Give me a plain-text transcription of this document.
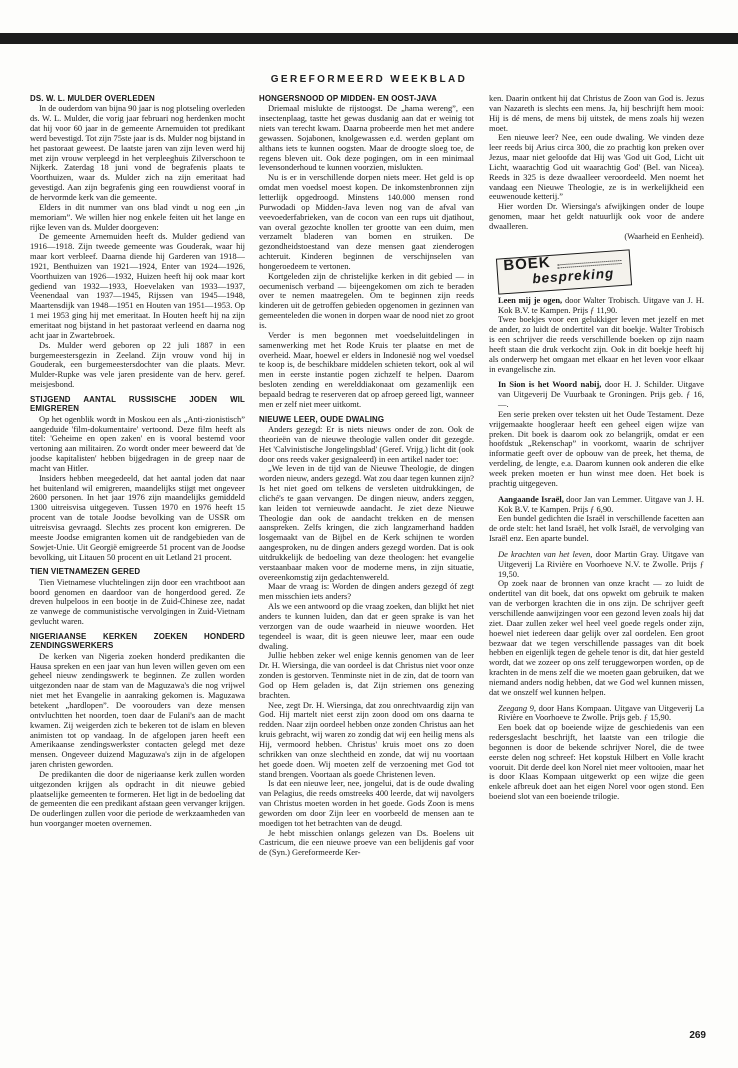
GEREFORMEERD WEEKBLAD
DS. W. L. MULDER OVERLEDEN

In de ouderdom van bijna 90 jaar is nog plotseling overleden ds. W. L. Mulder, die vorig jaar februari nog herdenken mocht dat hij voor 60 jaar in de gemeente Arnemuiden tot predikant werd bevestigd. Tot zijn 75ste jaar is ds. Mulder nog bijstand in het pastoraat geweest. De laatste jaren van zijn leven werd hij met zijn vrouw verpleegd in het verpleeghuis Zilverschoon te Nijkerk. Zaterdag 18 juni vond de begrafenis plaats te Voorthuizen, waar ds. Mulder zich na zijn emeritaat had gevestigd. Aan zijn begrafenis ging een rouwdienst vooraf in de hervormde kerk van die gemeente.

Elders in dit nummer van ons blad vindt u nog een „in memoriam”. We willen hier nog enkele feiten uit het lange en rijke leven van ds. Mulder doorgeven:

De gemeente Arnemuiden heeft ds. Mulder gediend van 1916—1918. Zijn tweede gemeente was Gouderak, waar hij maar kort verbleef. Daarna diende hij Garderen van 1918—1921, Benthuizen van 1921—1924, Enter van 1924—1926, Voorthuizen van 1926—1932, Huizen heeft hij ook maar kort gediend van 1932—1933, Hoevelaken van 1933—1937, Veenendaal van 1937—1945, Rijssen van 1945—1948, Maartensdijk van 1948—1951 en Houten van 1951—1953. Op 1 mei 1953 ging hij met emeritaat. In Houten heeft hij na zijn emeritaat nog bijstand in het pastoraat verleend en daarna nog acht jaar in Zwartebroek.

Ds. Mulder werd geboren op 22 juli 1887 in een burgemeestersgezin in Zeeland. Zijn vrouw vond hij in Gouderak, een burgemeestersdochter van die plaats. Mevr. Mulder-Rupke was vele jaren presidente van de herv. geref. meisjesbond.

STIJGEND AANTAL RUSSISCHE JODEN WIL EMIGREREN

Op het ogenblik wordt in Moskou een als „Anti-zionistisch” aangeduide 'film-dokumentaire' vertoond. Deze film heeft als titel: 'Geheime en open zaken' en is vooral bestemd voor vertoning aan militairen. Zo wordt onder meer beweerd dat 'de joodse kapitalisten' hebben bijgedragen in de greep naar de macht van Hitler.

Insiders hebben meegedeeld, dat het aantal joden dat naar het buitenland wil emigreren, maandelijks stijgt met ongeveer 2600 personen. In het jaar 1976 zijn maandelijks gemiddeld 1300 uitreisvisa uitgegeven. Tussen 1970 en 1976 heeft 15 procent van de totale Joodse bevolking van de USSR om uitreisvisa gevraagd. Slechts zes procent kon emigreren. De meeste Joodse emigranten komen uit de randgebieden van de Sowjet-Unie. Uit Georgië emigreerde 51 procent van de Joodse bevolking, uit Litauen 50 procent en uit Letland 21 procent.

TIEN VIETNAMEZEN GERED

Tien Vietnamese vluchtelingen zijn door een vrachtboot aan boord genomen en daardoor van de hongerdood gered. Ze dreven hulpeloos in een bootje in de Zuid-Chinese zee, nadat ze vanwege de communistische vervolgingen in Zuid-Vietnam gevlucht waren.

NIGERIAANSE KERKEN ZOEKEN HONDERD ZENDINGSWERKERS

De kerken van Nigeria zoeken honderd predikanten die Hausa spreken en een jaar van hun leven willen geven om een geheel nieuw zendingswerk te beginnen. Ze zullen worden uitgezonden naar de stam van de Maguzawa's die nog vrijwel niet met het Evangelie in aanraking gekomen is. Maguzawa betekent „hardlopen”. De voorouders van deze mensen ontvluchtten het noorden, toen daar de Fulani's aan de macht kwamen. Zij weigerden zich te bekeren tot de islam en bleven animisten tot op vandaag. In de afgelopen jaren heeft een Amerikaanse zendingswerkster contacten gelegd met deze mensen. Ongeveer duizend Maguzawa's zijn in de afgelopen jaren christen geworden.

De predikanten die door de nigeriaanse kerk zullen worden uitgezonden krijgen als opdracht in dit nieuwe gebied plaatselijke gemeenten te formeren. Het ligt in de bedoeling dat de gemeenten die een predikant afstaan geen vervanger krijgen. De ouderlingen zullen voor die periode de werkzaamheden van hun voorganger moeten overnemen.

HONGERSNOOD OP MIDDEN- EN OOST-JAVA

Driemaal mislukte de rijstoogst. De „hama wereng”, een insectenplaag, tastte het gewas dusdanig aan dat er weinig tot niets van terecht kwam. Daarna probeerde men het met andere gewassen. Sojabonen, knolgewassen e.d. werden geplant om althans iets te kunnen oogsten. Maar de droogte sloeg toe, de regens bleven uit. Ook deze pogingen, om in een minimaal levensonderhoud te kunnen voorzien, mislukten.

Nu is er in verschillende dorpen niets meer. Het geld is op omdat men voedsel moest kopen. De inkomstenbronnen zijn letterlijk opgedroogd. Minstens 140.000 mensen rond Purwodadi op Midden-Java leven nog van de afval van veevoederfabrieken, van de cocon van een rups uit djatihout, van overal gezochte knollen ter grootte van een duim, men verzamelt bladeren van bomen en struiken. De gezondheidstoestand van deze mensen gaat zienderogen achteruit. Kinderen beginnen de verschijnselen van hongeroedeem te vertonen.

Kortgeleden zijn de christelijke kerken in dit gebied — in oecumenisch verband — bijeengekomen om zich te beraden over te nemen maatregelen. Om te beginnen zijn reeds kinderen uit de getroffen gebieden opgenomen in gezinnen van gemeenteleden die wonen in dorpen waar de nood niet zo groot is.

Verder is men begonnen met voedseluitdelingen in samenwerking met het Rode Kruis ter plaatse en met de overheid. Maar, hoewel er elders in Indonesië nog wel voedsel te koop is, de beschikbare middelen schieten tekort, ook al wil men in eerste instantie pogen zichzelf te helpen. Daarom besloten zending en werelddiakonaat om gezamenlijk een bepaald bedrag te reserveren dat op afroep gereed ligt, wanneer men er zelf niet meer uitkomt.

NIEUWE LEER, OUDE DWALING

Anders gezegd: Er is niets nieuws onder de zon. Ook de theorieën van de nieuwe theologie vallen onder dit gezegde. Het 'Calvinistische Jongelingsblad' (Geref. Vrijg.) licht dit (ook door ons reeds vaker gesignaleerd) in een artikel nader toe:

„We leven in de tijd van de Nieuwe Theologie, de dingen worden nieuw, anders gezegd. Wat zou daar tegen kunnen zijn? Is het niet goed om telkens de versleten uitdrukkingen, de cliché's te gaan vervangen. De dingen nieuw, anders zeggen, kan leiden tot vernieuwde aandacht. Je ziet deze Nieuwe Theologie dan ook de aandacht trekken en de mensen aanspreken. Zelfs kringen, die zich langzamerhand hadden losgemaakt van de Bijbel en de Kerk schijnen te worden aangesproken, nu de dingen anders gezegd worden. Dat is ook uitdrukkelijk de bedoeling van deze theologen: het evangelie verstaanbaar maken voor de moderne mens, in zijn situatie, overeenkomstig zijn gedachtenwereld.

Maar de vraag is: Worden de dingen anders gezegd óf zegt men misschien iets anders?

Als we een antwoord op die vraag zoeken, dan blijkt het niet anders te kunnen luiden, dan dat er geen sprake is van het verzorgen van de oude waarheid in nieuwe woorden. Het tegendeel is waar, dit is geen nieuwe leer, maar een oude dwaling.

Jullie hebben zeker wel enige kennis genomen van de leer Dr. H. Wiersinga, die van oordeel is dat Christus niet voor onze zonden is gestorven. Tenminste niet in de zin, dat de toorn van God op Hem geladen is, dat Zijn striemen ons genezing brachten.

Nee, zegt Dr. H. Wiersinga, dat zou onrechtvaardig zijn van God. Hij martelt niet eerst zijn zoon dood om ons daarna te redden. Naar zijn oordeel hebben onze zonden Christus aan het kruis gebracht, wij waren zo zondig dat wij een heilig mens als Hij, vermoord hebben. Christus' kruis moet ons zo doen schrikken van onze slechtheid en zonde, dat wij nu voortaan het goede doen. Wij moeten zelf de verzoening met God tot stand brengen. Voortaan als goede Christenen leven.

Is dat een nieuwe leer, nee, jongelui, dat is de oude dwaling van Pelagius, die reeds omstreeks 400 leerde, dat wij navolgers van Christus moeten worden in het goede. Gods Zoon is mens geworden om door Zijn leer en voorbeeld de mensen aan te moedigen tot het betrachten van de deugd.

Je hebt misschien onlangs gelezen van Ds. Boelens uit Castricum, die een nieuwe proeve van een belijdenis gaf voor de (Syn.) Gereformeerde Ker-

ken. Daarin ontkent hij dat Christus de Zoon van God is. Jezus van Nazareth is slechts een mens. Ja, hij beschrijft hem mooi: Hij is dé mens, de mens bij uitstek, de mens zoals hij wezen moet.

Een nieuwe leer? Nee, een oude dwaling. We vinden deze leer reeds bij Arius circa 300, die zo prachtig kon preken over Jezus, maar niet geloofde dat Hij was 'God uit God, Licht uit Licht, waarachtig God uit waarachtig God' (Bel. van Nicea). Reeds in 325 is deze dwaalleer veroordeeld. Men noemt het vandaag een Nieuwe Theologie, ze is in werkelijkheid een eeuwenoude ketterij.”

Hier worden Dr. Wiersinga's afwijkingen onder de loupe genomen, maar het geldt natuurlijk ook voor de andere dwaalleren.

(Waarheid en Eenheid).

BOEK
bespreking

Leen mij je ogen, door Walter Trobisch. Uitgave van J. H. Kok B.V. te Kampen. Prijs ƒ 11,90.

Twee boekjes voor een gelukkiger leven met jezelf en met de ander, zo luidt de ondertitel van dit boekje. Walter Trobisch is een schrijver die reeds verschillende boeken op zijn naam heeft staan die druk verkocht zijn. Ook in dit boekje heeft hij als onderwerp het omgaan met elkaar en het leven voor elkaar in evangelische zin.

In Sion is het Woord nabij, door H. J. Schilder. Uitgave van Uitgeverij De Vuurbaak te Groningen. Prijs geb. ƒ 16,—.

Een serie preken over teksten uit het Oude Testament. Deze vrijgemaakte hoogleraar heeft een geheel eigen wijze van preken. Dit boek is daarom ook zo belangrijk, omdat er een hoofdstuk „Rekenschap” in voorkomt, waarin de schrijver informatie geeft over de opbouw van de preek, het thema, de verdeling, de lengte, e.a. Daarom kunnen ook anderen die elke week preken moeten er hun winst mee doen. Het boek is prachtig uitgegeven.

Aangaande Israël, door Jan van Lemmer. Uitgave van J. H. Kok B.V. te Kampen. Prijs ƒ 6,90.

Een bundel gedichten die Israël in verschillende facetten aan de orde stelt: het land Israël, het volk Israël, de vervolging van Israël enz. Een aparte bundel.

De krachten van het leven, door Martin Gray. Uitgave van Uitgeverij La Rivière en Voorhoeve N.V. te Zwolle. Prijs ƒ 19,50.

Op zoek naar de bronnen van onze kracht — zo luidt de ondertitel van dit boek, dat ons opwekt om gebruik te maken van de verborgen krachten die in ons zijn. De schrijver geeft verschillende aanwijzingen voor een gezond leven zoals hij dat ziet. Daar zullen zeker wel heel veel goede regels onder zijn, hoewel niet iedereen daar gelijk over zal oordelen. Een groot bezwaar dat we tegen verschillende passages van dit boek hebben en eigenlijk tegen de gehele tenor is dit, dat hier gesteld wordt, dat we zozeer op ons zelf teruggeworpen worden, op de krachten in de mens zelf die we moeten gaan gebruiken, dat we niemand anders nodig hebben, dat we God wel kunnen missen, dat we onszelf wel kunnen helpen.

Zeegang 9, door Hans Kompaan. Uitgave van Uitgeverij La Rivière en Voorhoeve te Zwolle. Prijs geb. ƒ 15,90.

Een boek dat op boeiende wijze de geschiedenis van een redersgeslacht beschrijft, het laatste van een trilogie die begonnen is door de bekende schrijver Norel, die de twee eerste delen nog schreef: Het kopstuk Hilbert en Volle kracht vooruit. Dit derde deel kon Norel niet meer voltooien, maar het is door Klaas Kompaan uitgewerkt op een wijze die geen enkele afbreuk doet aan het eigen Norel voor ogen stond. Een boeiend slot van een boeiende trilogie.

269
